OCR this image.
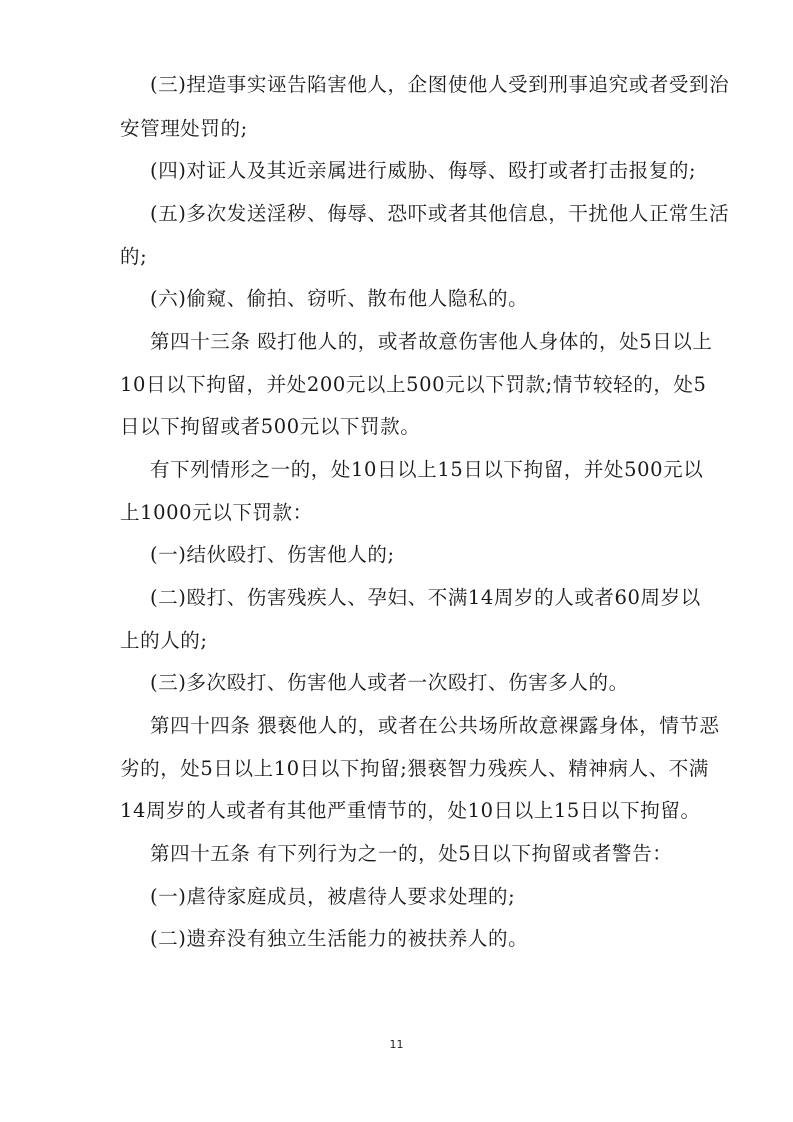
(三)捏造事实诬告陷害他人，企图使他人受到刑事追究或者受到治
安管理处罚的;
(四)对证人及其近亲属进行威胁、侮辱、殴打或者打击报复的;
(五)多次发送淫秽、侮辱、恐吓或者其他信息，干扰他人正常生活
的;
(六)偷窥、偷拍、窃听、散布他人隐私的。
第四十三条 殴打他人的，或者故意伤害他人身体的，处5日以上
10日以下拘留，并处200元以上500元以下罚款;情节较轻的，处5
日以下拘留或者500元以下罚款。
有下列情形之一的，处10日以上15日以下拘留，并处500元以
上1000元以下罚款：
(一)结伙殴打、伤害他人的;
(二)殴打、伤害残疾人、孕妇、不满14周岁的人或者60周岁以
上的人的;
(三)多次殴打、伤害他人或者一次殴打、伤害多人的。
第四十四条 猥亵他人的，或者在公共场所故意裸露身体，情节恶
劣的，处5日以上10日以下拘留;猥亵智力残疾人、精神病人、不满
14周岁的人或者有其他严重情节的，处10日以上15日以下拘留。
第四十五条 有下列行为之一的，处5日以下拘留或者警告：
(一)虐待家庭成员，被虐待人要求处理的;
(二)遗弃没有独立生活能力的被扶养人的。
11
